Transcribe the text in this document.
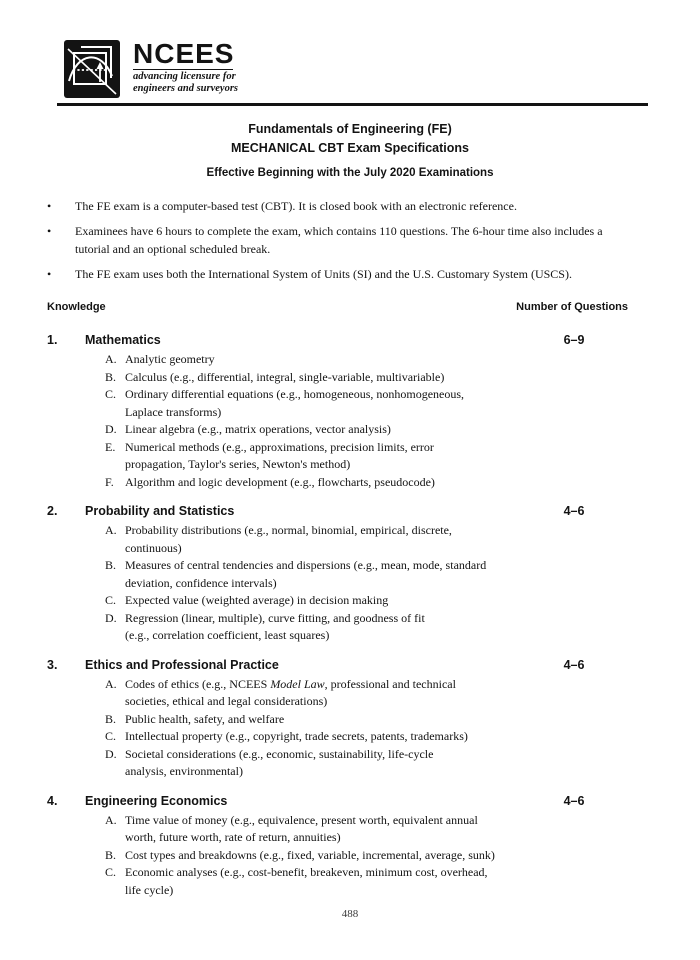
NCEES
advancing licensure for
engineers and surveyors
Fundamentals of Engineering (FE)
MECHANICAL CBT Exam Specifications
Effective Beginning with the July 2020 Examinations
•	The FE exam is a computer-based test (CBT). It is closed book with an electronic reference.
•	Examinees have 6 hours to complete the exam, which contains 110 questions. The 6-hour time also includes a
tutorial and an optional scheduled break.
•	The FE exam uses both the International System of Units (SI) and the U.S. Customary System (USCS).
Knowledge	Number of Questions
1.	Mathematics	6–9
A. Analytic geometry
B. Calculus (e.g., differential, integral, single-variable, multivariable)
C. Ordinary differential equations (e.g., homogeneous, nonhomogeneous,
Laplace transforms)
D. Linear algebra (e.g., matrix operations, vector analysis)
E. Numerical methods (e.g., approximations, precision limits, error
propagation, Taylor's series, Newton's method)
F. Algorithm and logic development (e.g., flowcharts, pseudocode)
2.	Probability and Statistics	4–6
A. Probability distributions (e.g., normal, binomial, empirical, discrete,
continuous)
B. Measures of central tendencies and dispersions (e.g., mean, mode, standard
deviation, confidence intervals)
C. Expected value (weighted average) in decision making
D. Regression (linear, multiple), curve fitting, and goodness of fit
(e.g., correlation coefficient, least squares)
3.	Ethics and Professional Practice	4–6
A. Codes of ethics (e.g., NCEES Model Law, professional and technical
societies, ethical and legal considerations)
B. Public health, safety, and welfare
C. Intellectual property (e.g., copyright, trade secrets, patents, trademarks)
D. Societal considerations (e.g., economic, sustainability, life-cycle
analysis, environmental)
4.	Engineering Economics	4–6
A. Time value of money (e.g., equivalence, present worth, equivalent annual
worth, future worth, rate of return, annuities)
B. Cost types and breakdowns (e.g., fixed, variable, incremental, average, sunk)
C. Economic analyses (e.g., cost-benefit, breakeven, minimum cost, overhead,
life cycle)
488
